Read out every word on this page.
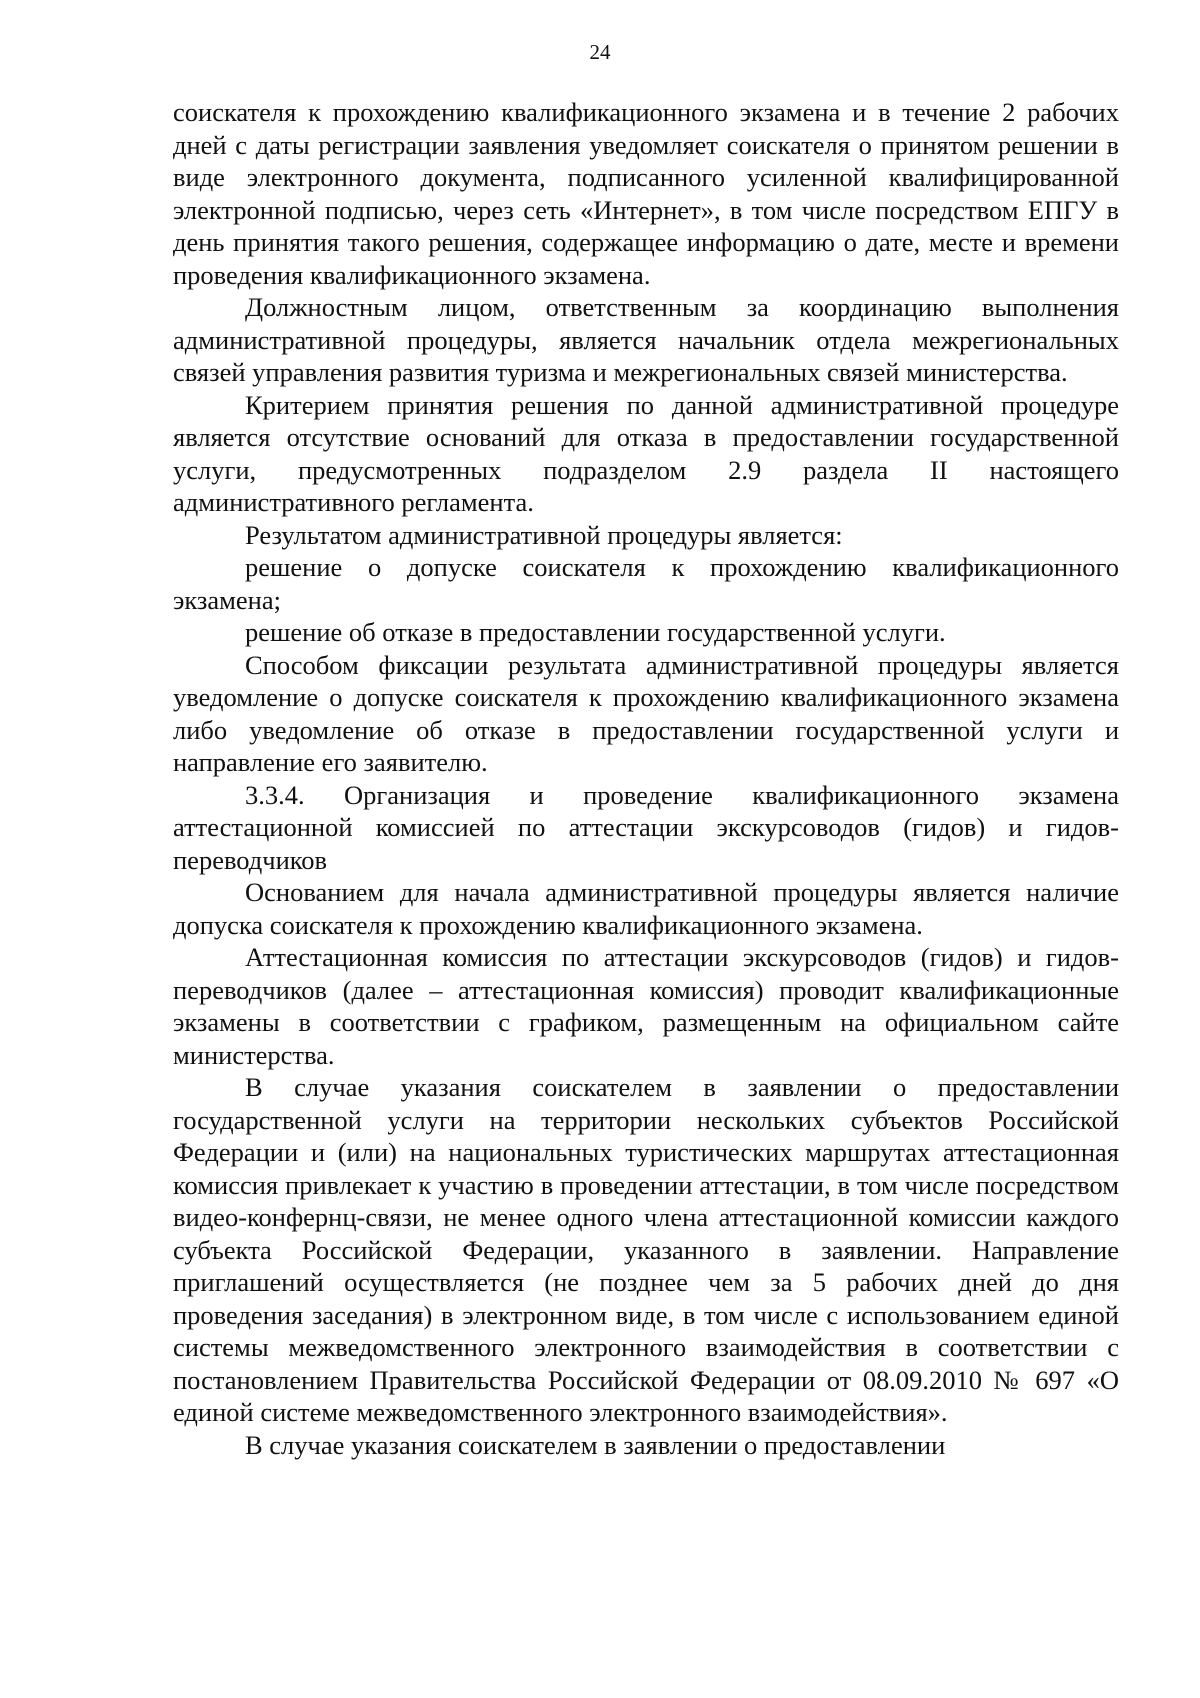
24

соискателя к прохождению квалификационного экзамена и в течение 2 рабочих дней с даты регистрации заявления уведомляет соискателя о принятом решении в виде электронного документа, подписанного усиленной квалифицированной электронной подписью, через сеть «Интернет», в том числе посредством ЕПГУ в день принятия такого решения, содержащее информацию о дате, месте и времени проведения квалификационного экзамена.

Должностным лицом, ответственным за координацию выполнения административной процедуры, является начальник отдела межрегиональных связей управления развития туризма и межрегиональных связей министерства.

Критерием принятия решения по данной административной процедуре является отсутствие оснований для отказа в предоставлении государственной услуги, предусмотренных подразделом 2.9 раздела II настоящего административного регламента.

Результатом административной процедуры является:

решение о допуске соискателя к прохождению квалификационного экзамена;

решение об отказе в предоставлении государственной услуги.

Способом фиксации результата административной процедуры является уведомление о допуске соискателя к прохождению квалификационного экзамена либо уведомление об отказе в предоставлении государственной услуги и направление его заявителю.

3.3.4. Организация и проведение квалификационного экзамена аттестационной комиссией по аттестации экскурсоводов (гидов) и гидов-переводчиков

Основанием для начала административной процедуры является наличие допуска соискателя к прохождению квалификационного экзамена.

Аттестационная комиссия по аттестации экскурсоводов (гидов) и гидов-переводчиков (далее – аттестационная комиссия) проводит квалификационные экзамены в соответствии с графиком, размещенным на официальном сайте министерства.

В случае указания соискателем в заявлении о предоставлении государственной услуги на территории нескольких субъектов Российской Федерации и (или) на национальных туристических маршрутах аттестационная комиссия привлекает к участию в проведении аттестации, в том числе посредством видео-конфернц-связи, не менее одного члена аттестационной комиссии каждого субъекта Российской Федерации, указанного в заявлении. Направление приглашений осуществляется (не позднее чем за 5 рабочих дней до дня проведения заседания) в электронном виде, в том числе с использованием единой системы межведомственного электронного взаимодействия в соответствии с постановлением Правительства Российской Федерации от 08.09.2010 № 697 «О единой системе межведомственного электронного взаимодействия».

В случае указания соискателем в заявлении о предоставлении
